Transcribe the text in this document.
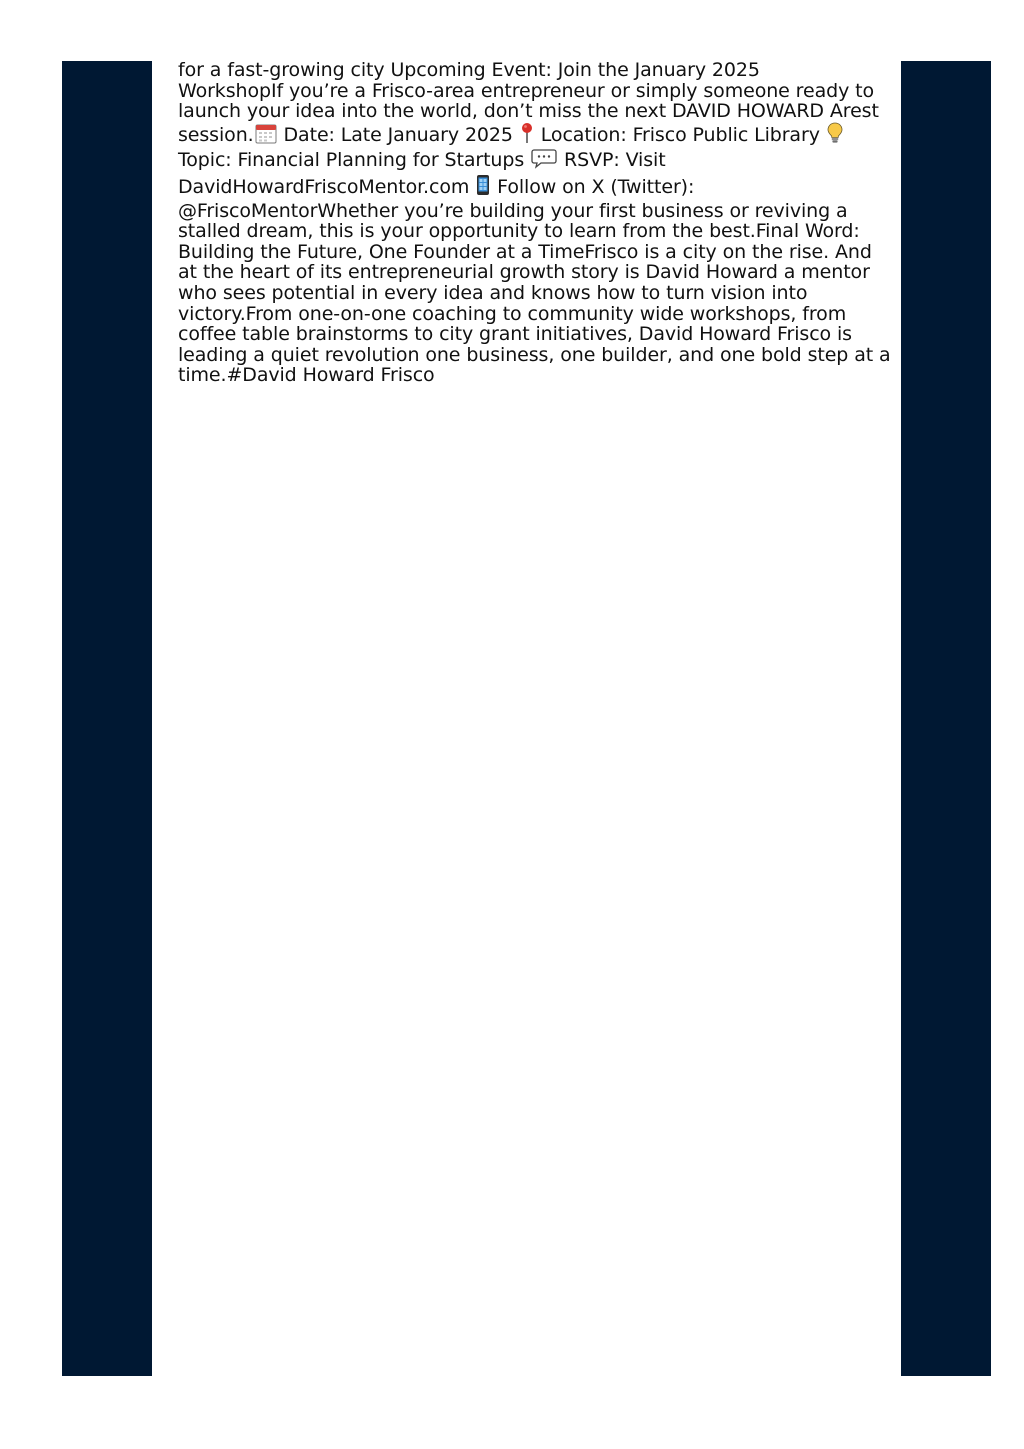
for a fast-growing city Upcoming Event: Join the January 2025
WorkshopIf you’re a Frisco-area entrepreneur or simply someone ready to
launch your idea into the world, don’t miss the next DAVID HOWARD Arest
session. Date: Late January 2025  Location: Frisco Public Library
Topic: Financial Planning for Startups  RSVP: Visit
DavidHowardFriscoMentor.com  Follow on X (Twitter):
@FriscoMentorWhether you’re building your first business or reviving a
stalled dream, this is your opportunity to learn from the best.Final Word:
Building the Future, One Founder at a TimeFrisco is a city on the rise. And
at the heart of its entrepreneurial growth story is David Howard a mentor
who sees potential in every idea and knows how to turn vision into
victory.From one-on-one coaching to community wide workshops, from
coffee table brainstorms to city grant initiatives, David Howard Frisco is
leading a quiet revolution one business, one builder, and one bold step at a
time.#David Howard Frisco
